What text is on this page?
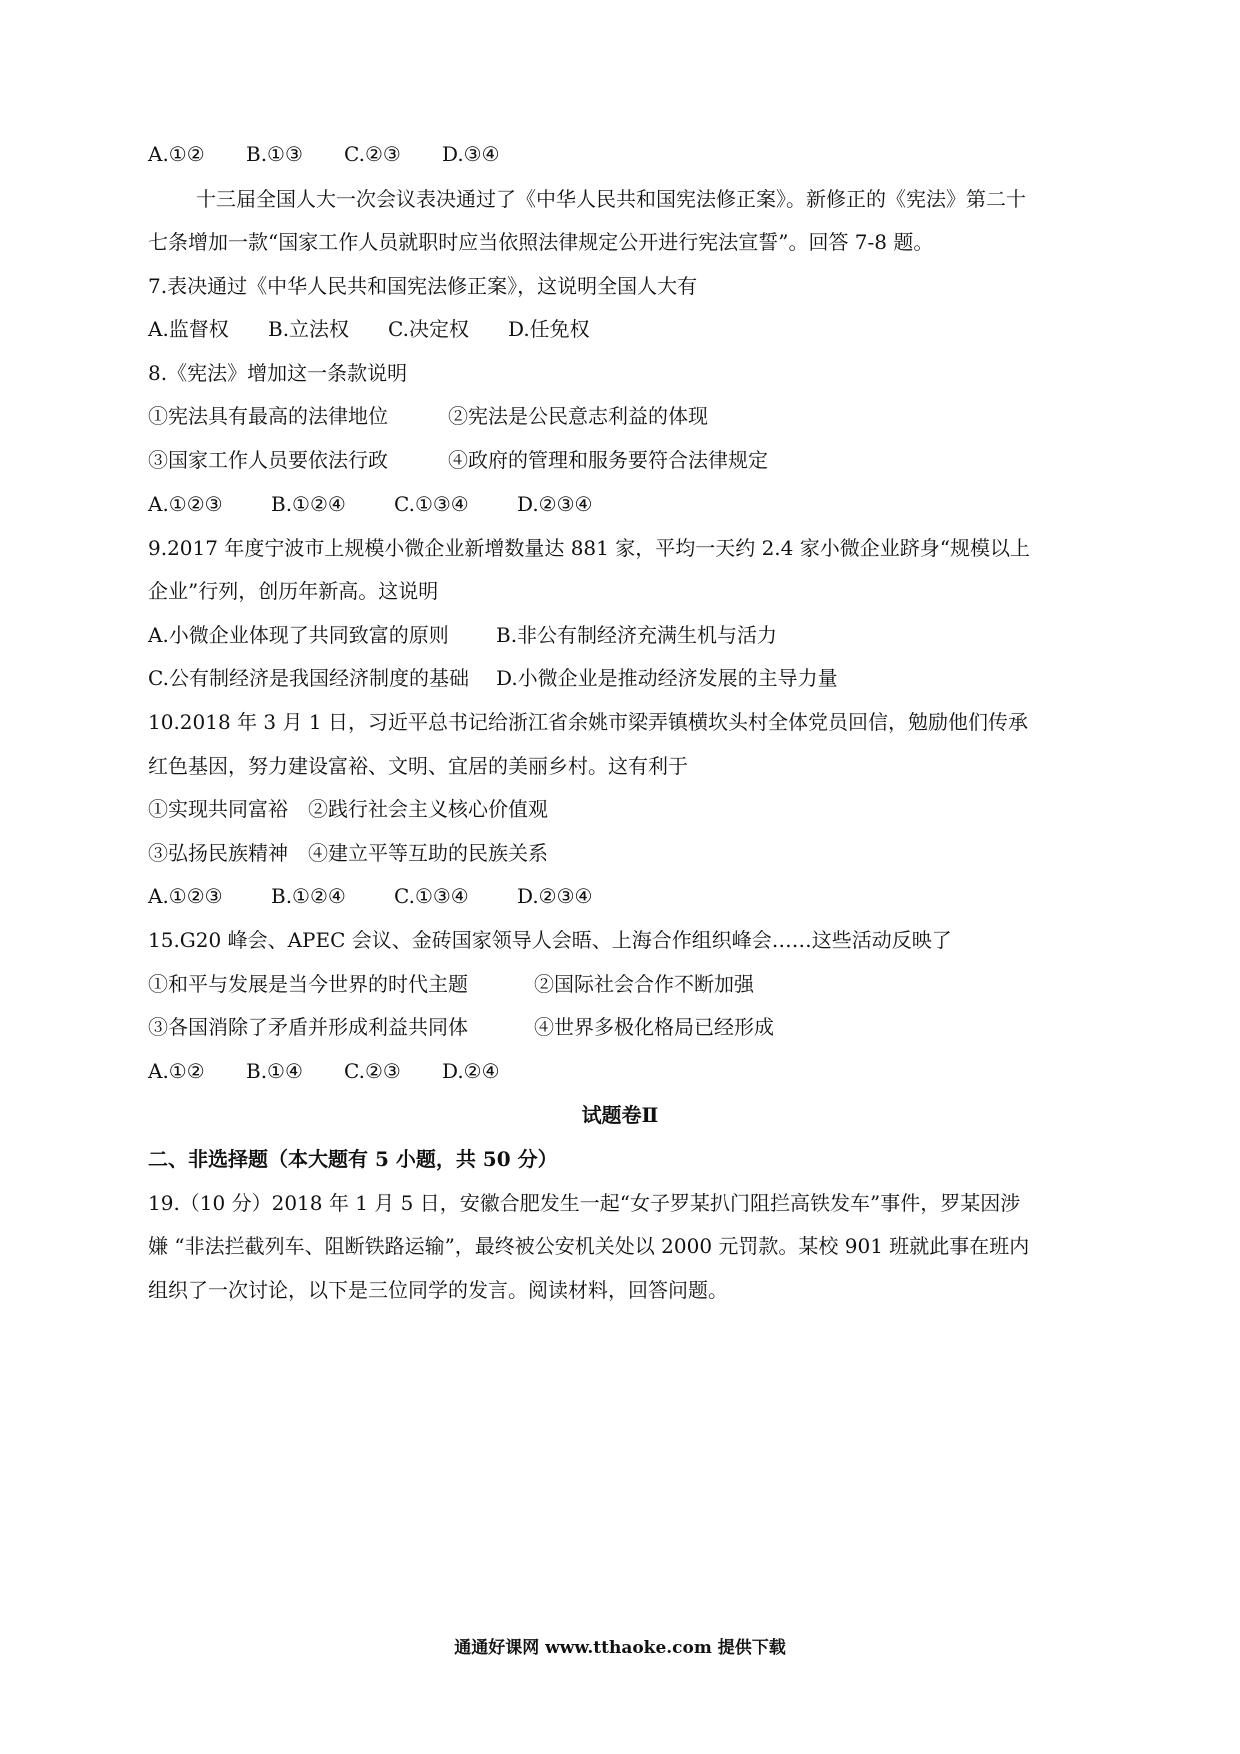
A.①② B.①③ C.②③ D.③④
十三届全国人大一次会议表决通过了《中华人民共和国宪法修正案》。新修正的《宪法》第二十
七条增加一款“国家工作人员就职时应当依照法律规定公开进行宪法宣誓”。回答 7-8 题。
7.表决通过《中华人民共和国宪法修正案》，这说明全国人大有
A.监督权 B.立法权 C.决定权 D.任免权
8.《宪法》增加这一条款说明
①宪法具有最高的法律地位	②宪法是公民意志利益的体现
③国家工作人员要依法行政	④政府的管理和服务要符合法律规定
A.①②③ B.①②④ C.①③④ D.②③④
9.2017 年度宁波市上规模小微企业新增数量达 881 家，平均一天约 2.4 家小微企业跻身“规模以上
企业”行列，创历年新高。这说明
A.小微企业体现了共同致富的原则 B.非公有制经济充满生机与活力
C.公有制经济是我国经济制度的基础 D.小微企业是推动经济发展的主导力量
10.2018 年 3 月 1 日，习近平总书记给浙江省余姚市梁弄镇横坎头村全体党员回信，勉励他们传承
红色基因，努力建设富裕、文明、宜居的美丽乡村。这有利于
①实现共同富裕 ②践行社会主义核心价值观
③弘扬民族精神 ④建立平等互助的民族关系
A.①②③ B.①②④ C.①③④ D.②③④
15.G20 峰会、APEC 会议、金砖国家领导人会晤、上海合作组织峰会……这些活动反映了
①和平与发展是当今世界的时代主题	②国际社会合作不断加强
③各国消除了矛盾并形成利益共同体	④世界多极化格局已经形成
A.①② B.①④ C.②③ D.②④
试题卷Ⅱ
二、非选择题（本大题有 5 小题，共 50 分）
19.（10 分）2018 年 1 月 5 日，安徽合肥发生一起“女子罗某扒门阻拦高铁发车”事件，罗某因涉
嫌 “非法拦截列车、阻断铁路运输”，最终被公安机关处以 2000 元罚款。某校 901 班就此事在班内
组织了一次讨论，以下是三位同学的发言。阅读材料，回答问题。
通通好课网 www.tthaoke.com 提供下载
